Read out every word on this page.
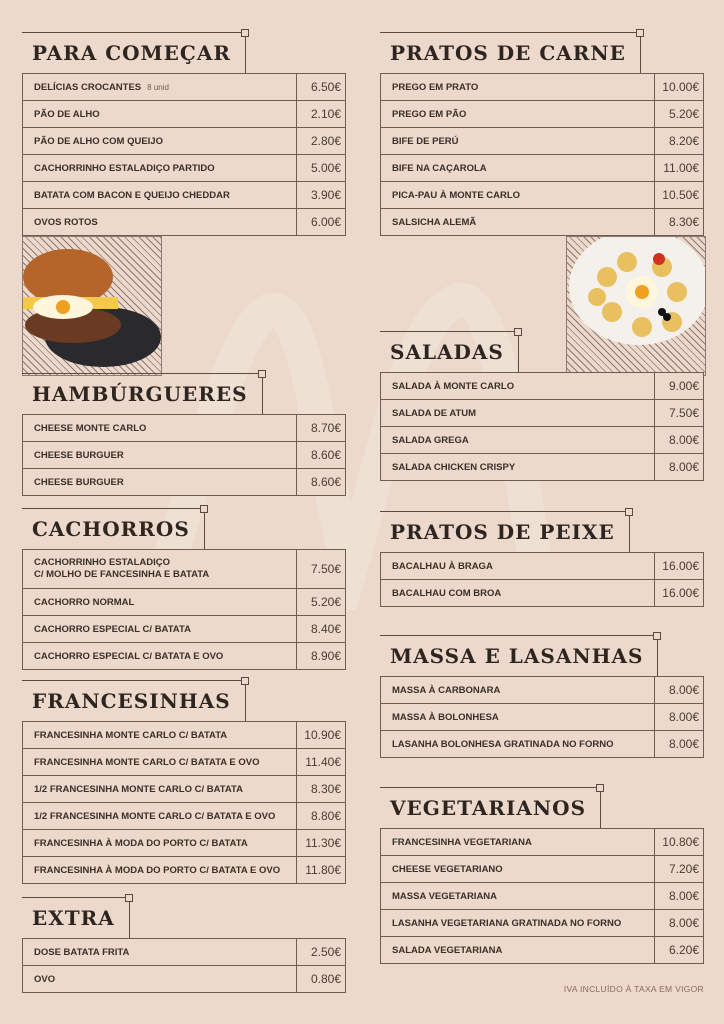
PARA COMEÇAR
DELÍCIAS CROCANTES 8 unid	6.50€
PÃO DE ALHO	2.10€
PÃO DE ALHO COM QUEIJO	2.80€
CACHORRINHO ESTALADIÇO PARTIDO	5.00€
BATATA COM BACON E QUEIJO CHEDDAR	3.90€
OVOS ROTOS	6.00€
HAMBÚRGUERES
CHEESE MONTE CARLO	8.70€
CHEESE BURGUER	8.60€
CHEESE BURGUER	8.60€
CACHORROS
CACHORRINHO ESTALADIÇO
C/ MOLHO DE FANCESINHA E BATATA	7.50€
CACHORRO NORMAL	5.20€
CACHORRO ESPECIAL C/ BATATA	8.40€
CACHORRO ESPECIAL C/ BATATA E OVO	8.90€
FRANCESINHAS
FRANCESINHA MONTE CARLO C/ BATATA	10.90€
FRANCESINHA MONTE CARLO C/ BATATA E OVO	11.40€
1/2 FRANCESINHA MONTE CARLO C/ BATATA	8.30€
1/2 FRANCESINHA MONTE CARLO C/ BATATA E OVO	8.80€
FRANCESINHA À MODA DO PORTO C/ BATATA	11.30€
FRANCESINHA À MODA DO PORTO C/ BATATA E OVO	11.80€
EXTRA
DOSE BATATA FRITA	2.50€
OVO	0.80€
PRATOS DE CARNE
PREGO EM PRATO	10.00€
PREGO EM PÃO	5.20€
BIFE DE PERÚ	8.20€
BIFE NA CAÇAROLA	11.00€
PICA-PAU À MONTE CARLO	10.50€
SALSICHA ALEMÃ	8.30€
SALADAS
SALADA À MONTE CARLO	9.00€
SALADA DE ATUM	7.50€
SALADA GREGA	8.00€
SALADA CHICKEN CRISPY	8.00€
PRATOS DE PEIXE
BACALHAU À BRAGA	16.00€
BACALHAU COM BROA	16.00€
MASSA E LASANHAS
MASSA À CARBONARA	8.00€
MASSA À BOLONHESA	8.00€
LASANHA BOLONHESA GRATINADA NO FORNO	8.00€
VEGETARIANOS
FRANCESINHA VEGETARIANA	10.80€
CHEESE VEGETARIANO	7.20€
MASSA VEGETARIANA	8.00€
LASANHA VEGETARIANA GRATINADA NO FORNO	8.00€
SALADA VEGETARIANA	6.20€
IVA INCLUÍDO À TAXA EM VIGOR
